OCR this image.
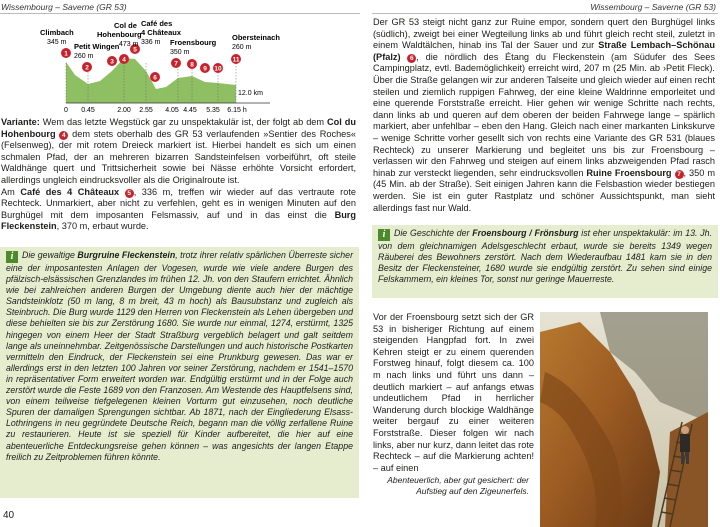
Wissembourg – Saverne (GR 53)	Wissembourg – Saverne (GR 53)
1
2
3 4
5
6
7 8
9 10
11
0 0.45	2.00 2.55 4.05 4.45 5.35 6.15 h
12.0 km
Climbach
345 m Petit Wingen
260 m
Col de
Hohenbourg
473 m
Café des
4 Châteaux
336 m Froensbourg
350 m
Obersteinach
260 m

Variante: Wem das letzte Wegstück gar zu unspektakulär ist, der folgt ab dem Col du Hohenbourg 4 dem stets oberhalb des GR 53 verlaufenden »Sentier des Roches« (Felsenweg), der mit rotem Dreieck markiert ist. Hierbei handelt es sich um einen schmalen Pfad, der an mehreren bizarren Sandsteinfelsen vorbeiführt, oft steile Waldhänge quert und Trittsicherheit sowie bei Nässe erhöhte Vorsicht erfordert, allerdings ungleich eindrucksvoller als die Originalroute ist.

Am Café des 4 Châteaux 5 , 336 m, treffen wir wieder auf das vertraute rote Rechteck. Unmarkiert, aber nicht zu verfehlen, geht es in wenigen Minuten auf den Burghügel mit dem imposanten Felsmassiv, auf und in das einst die Burg Fleckenstein, 370 m, erbaut wurde.

i Die gewaltige Burgruine Fleckenstein, trotz ihrer relativ spärlichen Überreste sicher eine der imposantesten Anlagen der Vogesen, wurde wie viele andere Burgen des pfälzisch-elsässischen Grenzlandes im frühen 12. Jh. von den Staufern errichtet. Ähnlich wie bei zahlreichen anderen Burgen der Umgebung diente auch hier der mächtige Sandsteinklotz (50 m lang, 8 m breit, 43 m hoch) als Bausubstanz und zugleich als Steinbruch. Die Burg wurde 1129 den Herren von Fleckenstein als Lehen übergeben und diese behielten sie bis zur Zerstörung 1680. Sie wurde nur einmal, 1274, erstürmt, 1325 hingegen von einem Heer der Stadt Straßburg vergeblich belagert und galt seitdem lange als uneinnehmbar. Zeitgenössische Darstellungen und auch historische Postkarten vermitteln den Eindruck, der Fleckenstein sei eine Prunkburg gewesen. Das war er allerdings erst in den letzten 100 Jahren vor seiner Zerstörung, nachdem er 1541–1570 in repräsentativer Form erweitert worden war. Endgültig erstürmt und in der Folge auch zerstört wurde die Feste 1689 von den Franzosen. Am Westende des Hauptfelsens sind, von einem teilweise tiefgelegenen kleinen Vorturm gut einzusehen, noch deutliche Spuren der damaligen Sprengungen sichtbar. Ab 1871, nach der Eingliederung Elsass-Lothringens in neu gegründete Deutsche Reich, begann man die völlig zerfallene Ruine zu restaurieren. Heute ist sie speziell für Kinder aufbereitet, die hier auf eine abenteuerliche Entdeckungsreise gehen können – was angesichts der langen Etappe freilich zu Zeitproblemen führen könnte.

40

Der GR 53 steigt nicht ganz zur Ruine empor, sondern quert den Burghügel links (südlich), zweigt bei einer Wegteilung links ab und führt gleich recht steil, zuletzt in einem Waldtälchen, hinab ins Tal der Sauer und zur Straße Lembach–Schönau (Pfalz) 6 , die nördlich des Étang du Fleckenstein (am Südufer des Sees Campingplatz, evtl. Bademöglichkeit) erreicht wird, 207 m (25 Min. ab ›Petit Fleck). Über die Straße gelangen wir zur anderen Talseite und gleich wieder auf einen recht steilen und ziemlich ruppigen Fahrweg, der eine kleine Waldrinne emporleitet und eine querende Forststraße erreicht. Hier gehen wir wenige Schritte nach rechts, dann links ab und queren auf dem oberen der beiden Fahrwege lange – spärlich markiert, aber unfehlbar – eben den Hang. Gleich nach einer markanten Linkskurve – wenige Schritte vorher gesellt sich von rechts eine Variante des GR 531 (blaues Rechteck) zu unserer Markierung und begleitet uns bis zur Froensbourg – verlassen wir den Fahrweg und steigen auf einem links abzweigenden Pfad rasch hinab zur versteckt liegenden, sehr eindrucksvollen Ruine Froensbourg 7 , 350 m (45 Min. ab der Straße). Seit einigen Jahren kann die Felsbastion wieder bestiegen werden. Sie ist ein guter Rastplatz und schöner Aussichtspunkt, man sieht allerdings fast nur Wald.

i Die Geschichte der Froensbourg / Frönsburg ist eher unspektakulär: im 13. Jh. von dem gleichnamigen Adelsgeschlecht erbaut, wurde sie bereits 1349 wegen Räuberei des Bewohners zerstört. Nach dem Wiederaufbau 1481 kam sie in den Besitz der Fleckensteiner, 1680 wurde sie endgültig zerstört. Zu sehen sind einige Felskammern, ein kleines Tor, sonst nur geringe Mauerreste.

Vor der Froensbourg setzt sich der GR 53 in bisheriger Richtung auf einem steigenden Hangpfad fort. In zwei Kehren steigt er zu einem querenden Forstweg hinauf, folgt diesem ca. 100 m nach links und führt uns dann – deutlich markiert – auf anfangs etwas undeutlichem Pfad in herrlicher Wanderung durch blockige Waldhänge weiter bergauf zu einer weiteren Forststraße. Dieser folgen wir nach links, aber nur kurz, dann leitet das rote Rechteck – auf die Markierung achten! – auf einen

Abenteuerlich, aber gut gesichert: der Aufstieg auf den Zigeunerfels.
